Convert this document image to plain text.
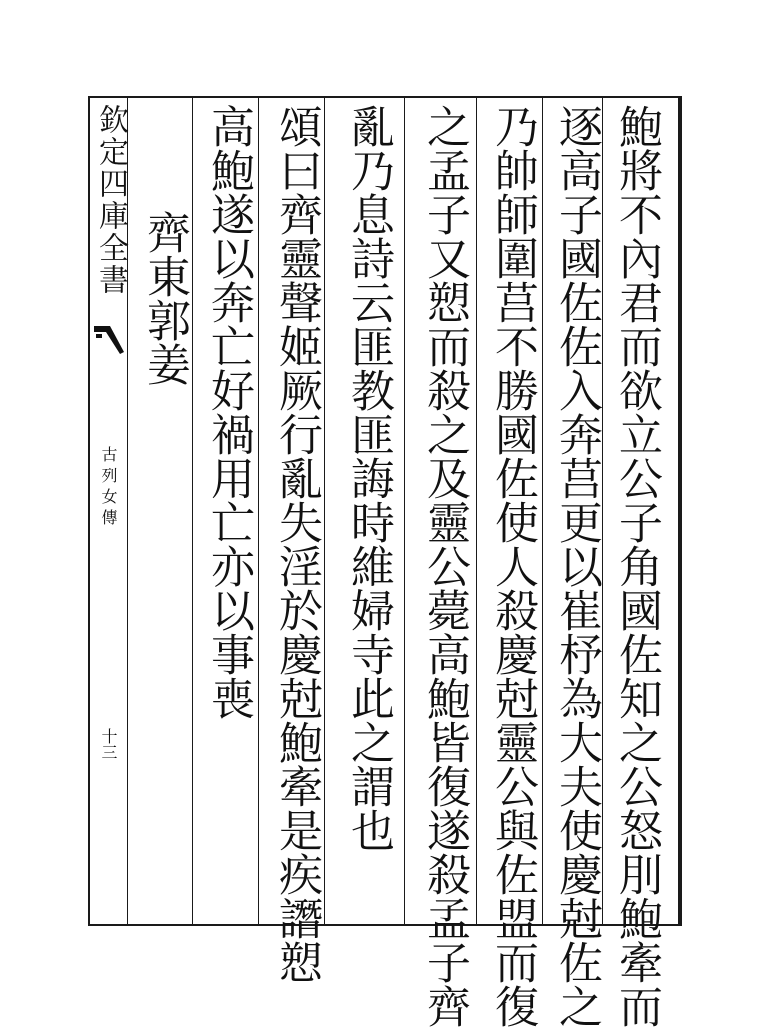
欽定四庫全書
古列女傳
十三	鮑將不內君而欲立公子角國佐知之公怒刖鮑牽而
逐高子國佐佐入奔莒更以崔杼為大夫使慶尅佐之
乃帥師圍莒不勝國佐使人殺慶尅靈公與佐盟而復
之孟子又愬而殺之及靈公薨高鮑皆復遂殺孟子齊
亂乃息詩云匪教匪誨時維婦寺此之謂也
頌曰齊靈聲姬厥行亂失淫於慶尅鮑牽是疾譖愬
高鮑遂以奔亡好禍用亡亦以事喪
齊東郭姜
